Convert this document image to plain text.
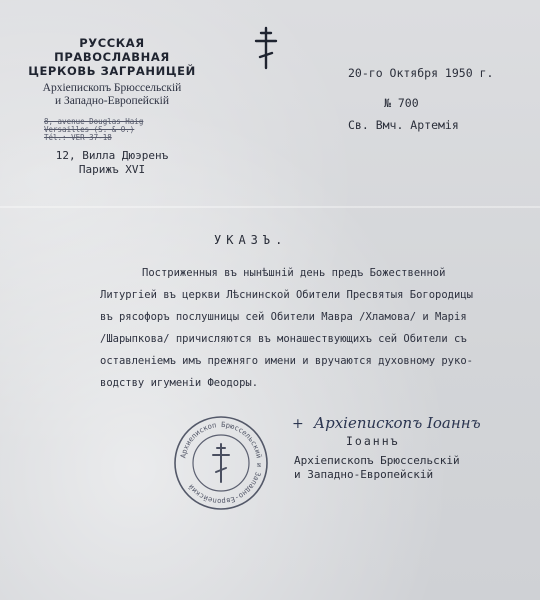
РУССКАЯ ПРАВОСЛАВНАЯ
ЦЕРКОВЬ ЗАГРАНИЦЕЙ
Архіепископъ Брюссельскій
и Западно-Европейскій
8, avenue Douglas Haig
Versailles (S. & O.)
Tél.: VER 37-18
12, Вилла Дюэренъ
Парижъ XVI
20-го Октября 1950 г.
№ 700
Св. Вмч. Артемія
УКАЗЪ.
Постриженныя въ нынѣшній день предъ Божественной
Литургіей въ церкви Лѣснинской Обители Пресвятыя Богородицы
въ рясофоръ послушницы сей Обители Мавра /Хламова/ и Марія
/Шарыпкова/ причисляются въ монашествующихъ сей Обители съ
оставленіемъ имъ прежняго имени и вручаются духовному руко-
водству игуменіи Феодоры.
Архиепископ Брюссельский и Западно-Европейский
+ Архіепископъ Іоаннъ
Іоаннъ
Архіепископъ Брюссельскій
и Западно-Европейскій
